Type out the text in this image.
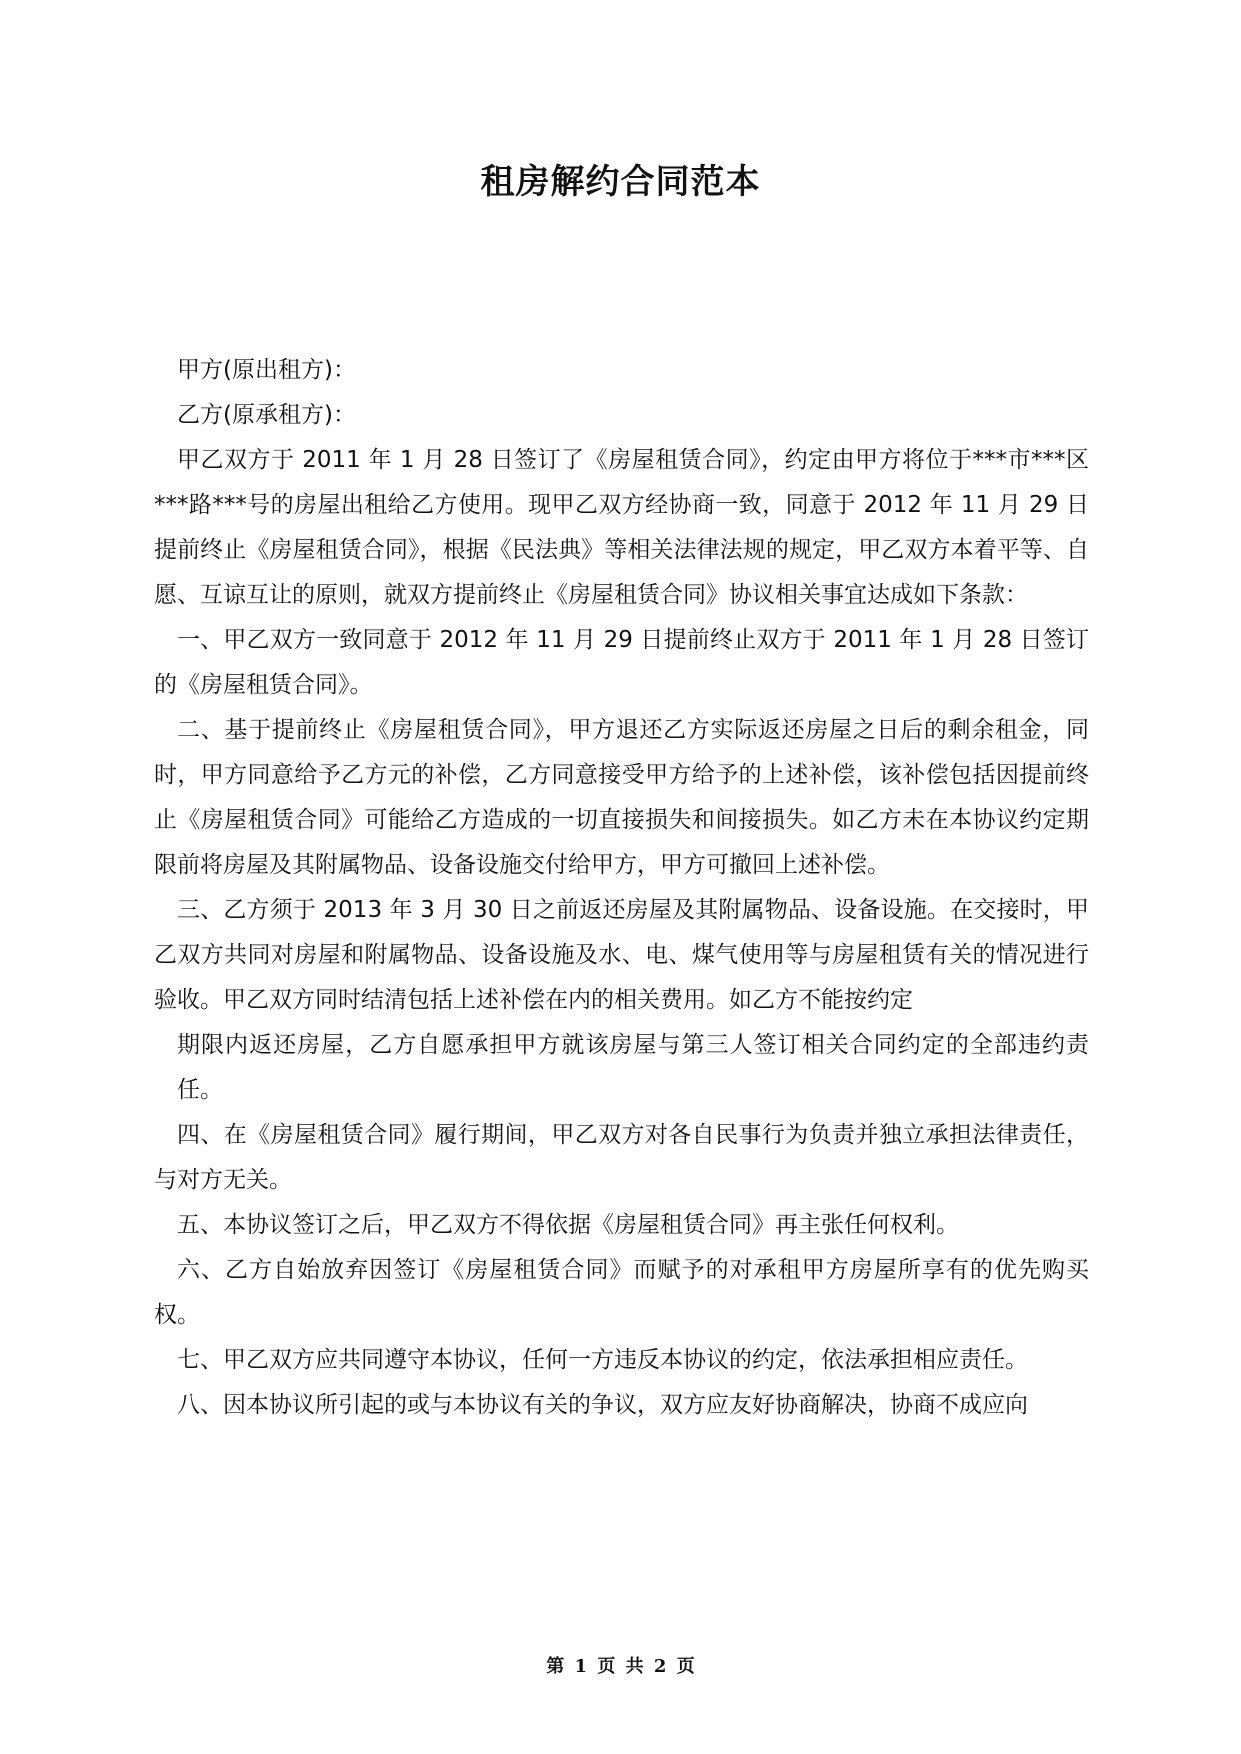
租房解约合同范本

甲方(原出租方)：

乙方(原承租方)：

甲乙双方于 2011 年 1 月 28 日签订了《房屋租赁合同》，约定由甲方将位于***市***区***路***号的房屋出租给乙方使用。现甲乙双方经协商一致，同意于 2012 年 11 月 29 日提前终止《房屋租赁合同》，根据《民法典》等相关法律法规的规定，甲乙双方本着平等、自愿、互谅互让的原则，就双方提前终止《房屋租赁合同》协议相关事宜达成如下条款：

一、甲乙双方一致同意于 2012 年 11 月 29 日提前终止双方于 2011 年 1 月 28 日签订的《房屋租赁合同》。

二、基于提前终止《房屋租赁合同》，甲方退还乙方实际返还房屋之日后的剩余租金，同时，甲方同意给予乙方元的补偿，乙方同意接受甲方给予的上述补偿，该补偿包括因提前终止《房屋租赁合同》可能给乙方造成的一切直接损失和间接损失。如乙方未在本协议约定期限前将房屋及其附属物品、设备设施交付给甲方，甲方可撤回上述补偿。

三、乙方须于 2013 年 3 月 30 日之前返还房屋及其附属物品、设备设施。在交接时，甲乙双方共同对房屋和附属物品、设备设施及水、电、煤气使用等与房屋租赁有关的情况进行验收。甲乙双方同时结清包括上述补偿在内的相关费用。如乙方不能按约定

期限内返还房屋，乙方自愿承担甲方就该房屋与第三人签订相关合同约定的全部违约责任。

四、在《房屋租赁合同》履行期间，甲乙双方对各自民事行为负责并独立承担法律责任，与对方无关。

五、本协议签订之后，甲乙双方不得依据《房屋租赁合同》再主张任何权利。

六、乙方自始放弃因签订《房屋租赁合同》而赋予的对承租甲方房屋所享有的优先购买权。

七、甲乙双方应共同遵守本协议，任何一方违反本协议的约定，依法承担相应责任。

八、因本协议所引起的或与本协议有关的争议，双方应友好协商解决，协商不成应向

第 1 页 共 2 页
